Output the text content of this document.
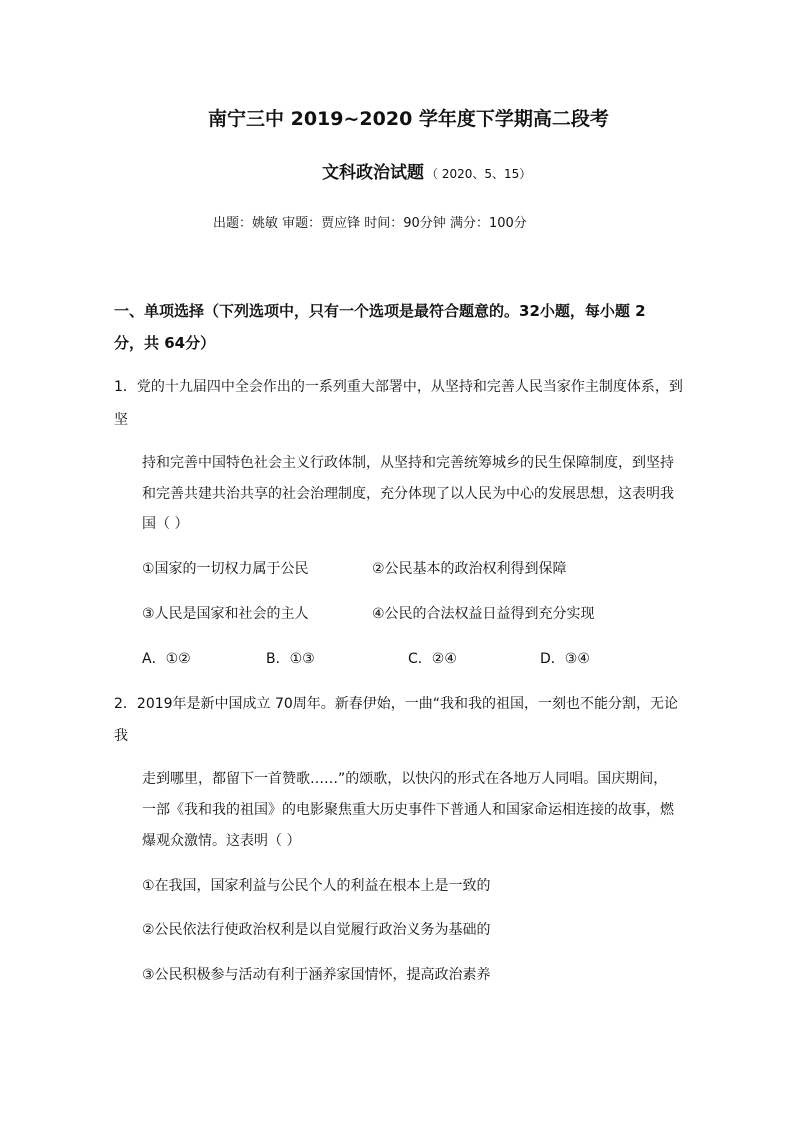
南宁三中 2019~2020 学年度下学期高二段考
文科政治试题 （ 2020、5、15）
出题：姚敏 审题：贾应锋 时间：90分钟 满分：100分
一、单项选择（下列选项中，只有一个选项是最符合题意的。32小题，每小题 2
分，共 64分）
1．党的十九届四中全会作出的一系列重大部署中，从坚持和完善人民当家作主制度体系，到
坚
持和完善中国特色社会主义行政体制，从坚持和完善统筹城乡的民生保障制度，到坚持
和完善共建共治共享的社会治理制度，充分体现了以人民为中心的发展思想，这表明我
国（ ）
①国家的一切权力属于公民	②公民基本的政治权利得到保障
③人民是国家和社会的主人	④公民的合法权益日益得到充分实现
A．①②	B．①③	C．②④	D．③④
2．2019年是新中国成立 70周年。新春伊始，一曲“我和我的祖国，一刻也不能分割，无论
我
走到哪里，都留下一首赞歌……”的颂歌，以快闪的形式在各地万人同唱。国庆期间，
一部《我和我的祖国》的电影聚焦重大历史事件下普通人和国家命运相连接的故事，燃
爆观众激情。这表明（ ）
①在我国，国家利益与公民个人的利益在根本上是一致的
②公民依法行使政治权利是以自觉履行政治义务为基础的
③公民积极参与活动有利于涵养家国情怀，提高政治素养
